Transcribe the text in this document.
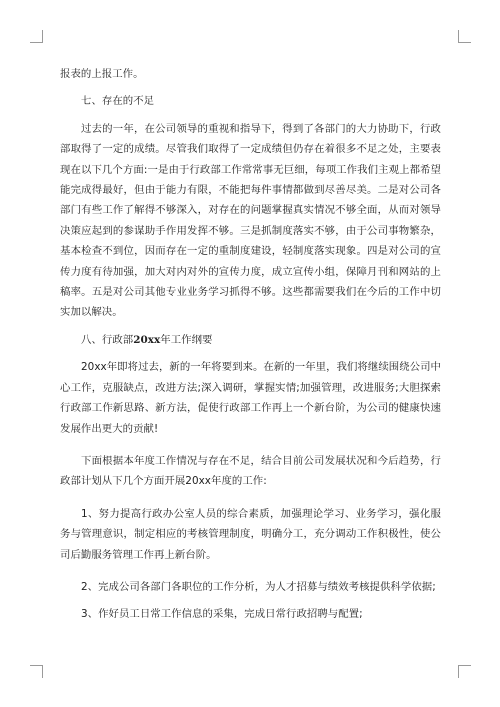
报表的上报工作。

七、存在的不足

过去的一年，在公司领导的重视和指导下，得到了各部门的大力协助下，行政部取得了一定的成绩。尽管我们取得了一定成绩但仍存在着很多不足之处，主要表现在以下几个方面:一是由于行政部工作常常事无巨细，每项工作我们主观上都希望能完成得最好，但由于能力有限，不能把每件事情都做到尽善尽美。二是对公司各部门有些工作了解得不够深入，对存在的问题掌握真实情况不够全面，从而对领导决策应起到的参谋助手作用发挥不够。三是抓制度落实不够，由于公司事物繁杂，基本检查不到位，因而存在一定的重制度建设，轻制度落实现象。四是对公司的宣传力度有待加强，加大对内对外的宣传力度，成立宣传小组，保障月刊和网站的上稿率。五是对公司其他专业业务学习抓得不够。这些都需要我们在今后的工作中切实加以解决。

八、行政部20xx年工作纲要

20xx年即将过去，新的一年将要到来。在新的一年里，我们将继续围绕公司中心工作，克服缺点，改进方法;深入调研，掌握实情;加强管理，改进服务;大胆探索行政部工作新思路、新方法，促使行政部工作再上一个新台阶，为公司的健康快速发展作出更大的贡献!

下面根据本年度工作情况与存在不足，结合目前公司发展状况和今后趋势，行政部计划从下几个方面开展20xx年度的工作:

1、努力提高行政办公室人员的综合素质，加强理论学习、业务学习，强化服务与管理意识，制定相应的考核管理制度，明确分工，充分调动工作积极性，使公司后勤服务管理工作再上新台阶。

2、完成公司各部门各职位的工作分析，为人才招募与绩效考核提供科学依据;

3、作好员工日常工作信息的采集，完成日常行政招聘与配置;
